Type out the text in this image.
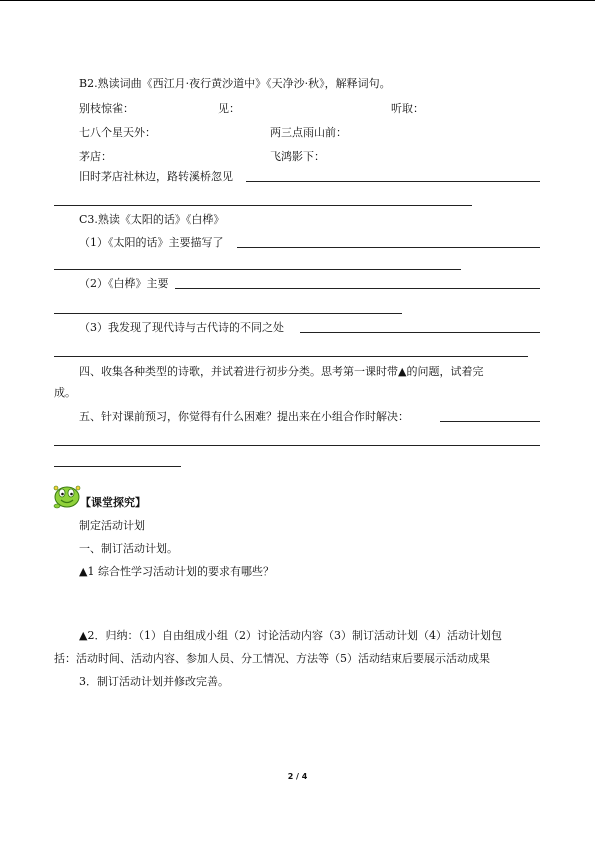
B2.熟读词曲《西江月·夜行黄沙道中》《天净沙·秋》，解释词句。
别枝惊雀：	见：	听取：
七八个星天外：	两三点雨山前：
茅店：	飞鸿影下：
旧时茅店社林边，路转溪桥忽见
C3.熟读《太阳的话》《白桦》
（1）《太阳的话》主要描写了
（2）《白桦》主要
（3）我发现了现代诗与古代诗的不同之处
四、收集各种类型的诗歌，并试着进行初步分类。思考第一课时带▲的问题，试着完
成。
五、针对课前预习，你觉得有什么困难？提出来在小组合作时解决：
【课堂探究】
制定活动计划
一、制订活动计划。
▲1 综合性学习活动计划的要求有哪些？
▲2．归纳：（1）自由组成小组（2）讨论活动内容（3）制订活动计划（4）活动计划包
括：活动时间、活动内容、参加人员、分工情况、方法等（5）活动结束后要展示活动成果
3．制订活动计划并修改完善。
2 / 4
